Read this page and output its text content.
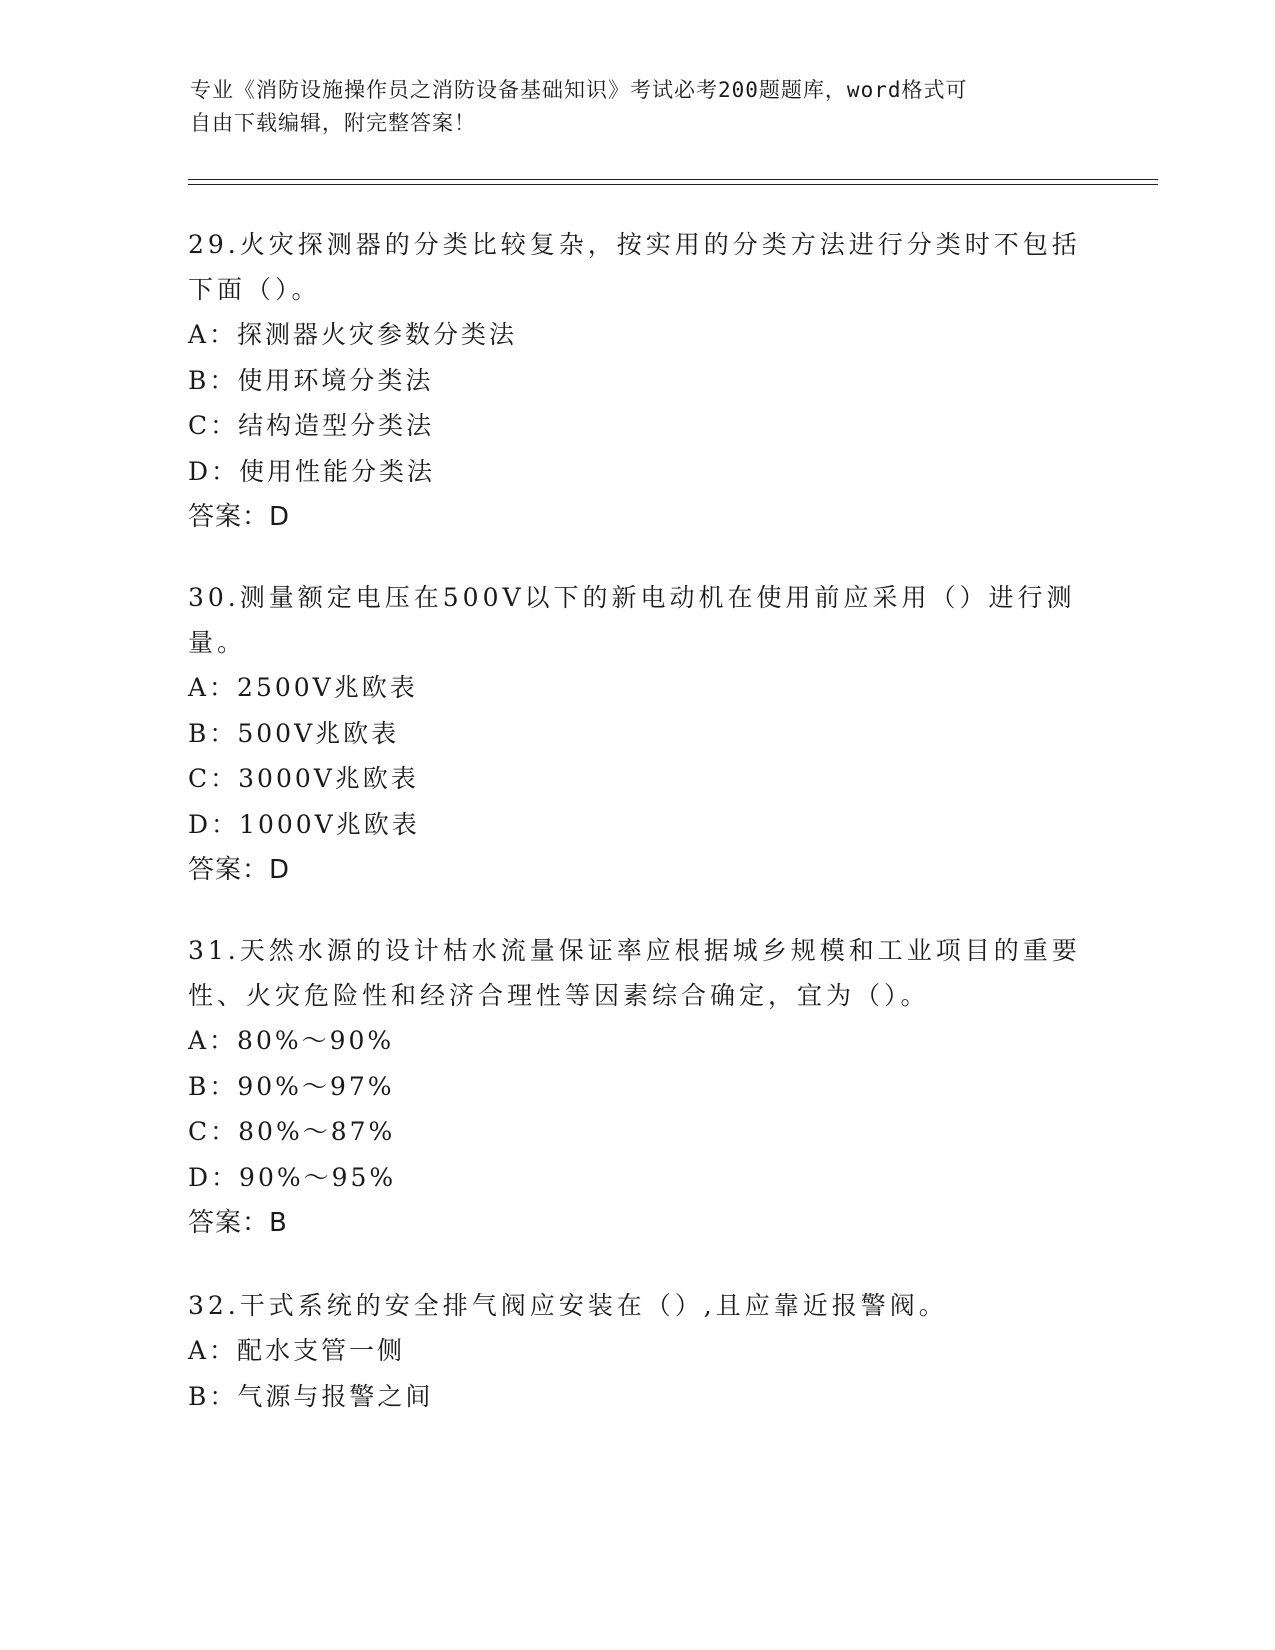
专业《消防设施操作员之消防设备基础知识》考试必考200题题库，word格式可
自由下载编辑，附完整答案！
29.火灾探测器的分类比较复杂，按实用的分类方法进行分类时不包括
下面（）。
A：探测器火灾参数分类法
B：使用环境分类法
C：结构造型分类法
D：使用性能分类法
答案：D
30.测量额定电压在500V以下的新电动机在使用前应采用（）进行测
量。
A：2500V兆欧表
B：500V兆欧表
C：3000V兆欧表
D：1000V兆欧表
答案：D
31.天然水源的设计枯水流量保证率应根据城乡规模和工业项目的重要
性、火灾危险性和经济合理性等因素综合确定，宜为（）。
A：80%～90%
B：90%～97%
C：80%～87%
D：90%～95%
答案：B
32.干式系统的安全排气阀应安装在（）,且应靠近报警阀。
A：配水支管一侧
B：气源与报警之间
